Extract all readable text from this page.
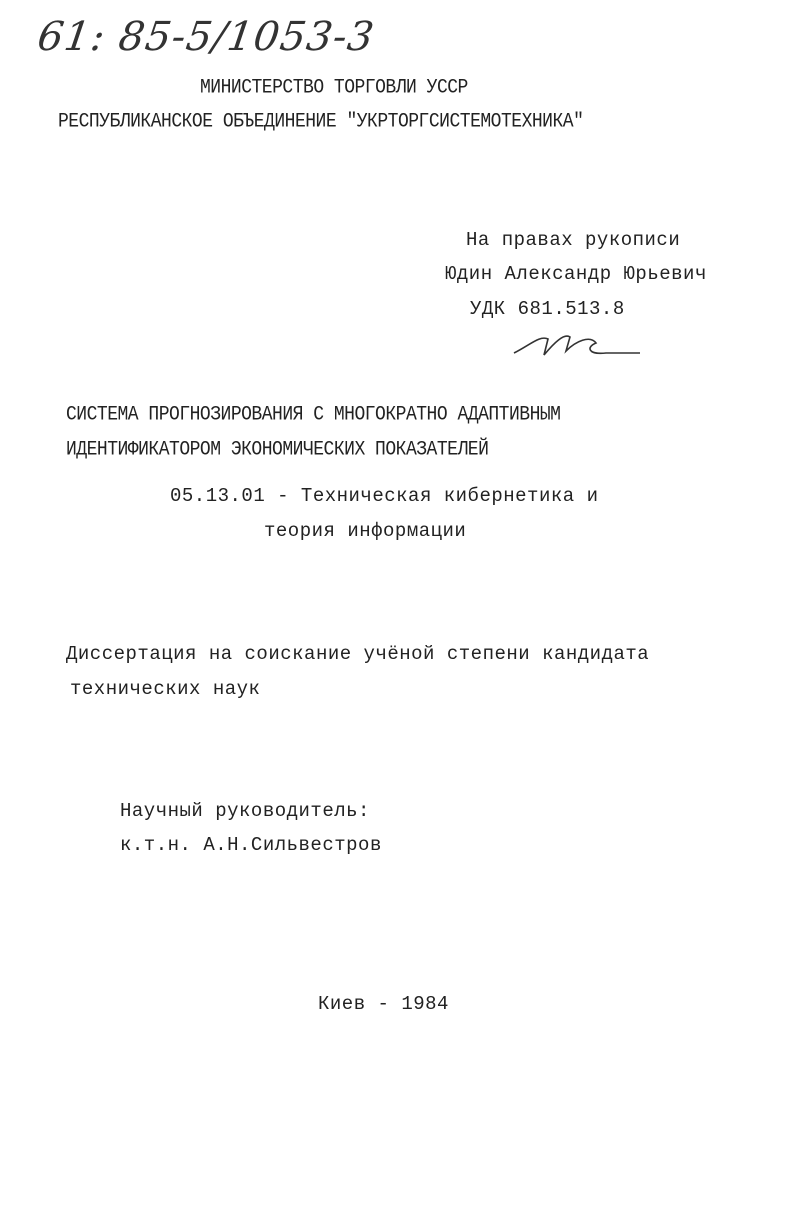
61: 85-5/1053-3
МИНИСТЕРСТВО ТОРГОВЛИ УССР
РЕСПУБЛИКАНСКОЕ ОБЪЕДИНЕНИЕ "УКРТОРГСИСТЕМОТЕХНИКА"
На правах рукописи
Юдин Александр Юрьевич
УДК 681.513.8
СИСТЕМА ПРОГНОЗИРОВАНИЯ С МНОГОКРАТНО АДАПТИВНЫМ
ИДЕНТИФИКАТОРОМ ЭКОНОМИЧЕСКИХ ПОКАЗАТЕЛЕЙ
05.13.01 - Техническая кибернетика и
теория информации
Диссертация на соискание учёной степени кандидата
технических наук
Научный руководитель:
к.т.н. А.Н.Сильвестров
Киев - 1984
